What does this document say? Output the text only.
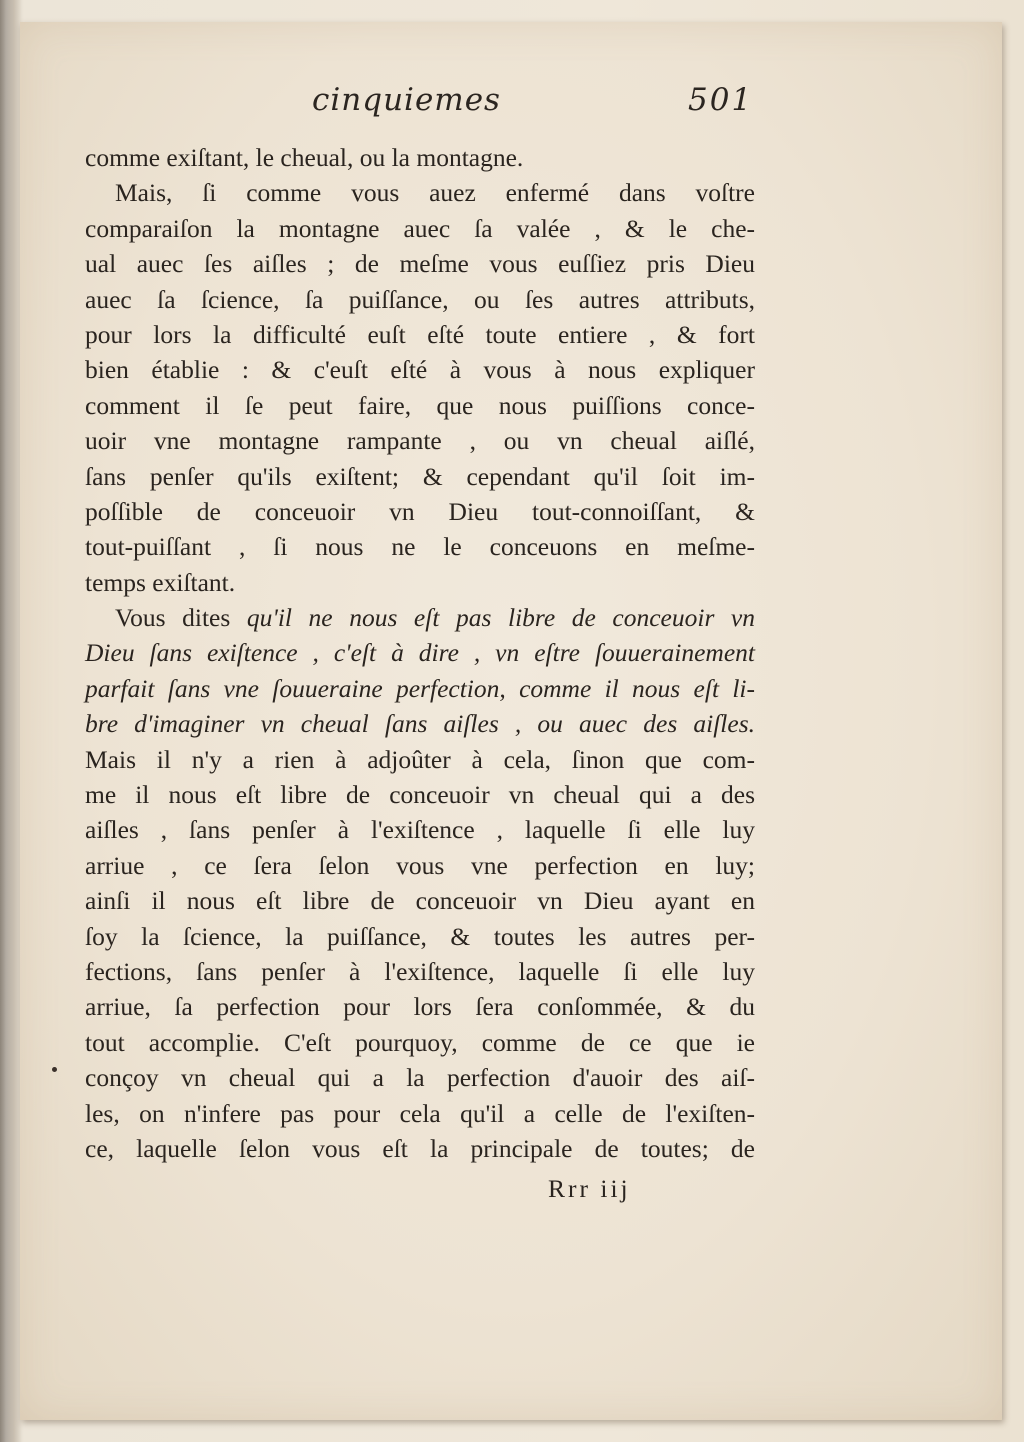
cinquiemes	501
comme exiſtant, le cheual, ou la montagne.
Mais, ſi comme vous auez enfermé dans voſtre
comparaiſon la montagne auec ſa valée , & le che-
ual auec ſes aiſles ; de meſme vous euſſiez pris Dieu
auec ſa ſcience, ſa puiſſance, ou ſes autres attributs,
pour lors la difficulté euſt eſté toute entiere , & fort
bien établie : & c'euſt eſté à vous à nous expliquer
comment il ſe peut faire, que nous puiſſions conce-
uoir vne montagne rampante , ou vn cheual aiſlé,
ſans penſer qu'ils exiſtent; & cependant qu'il ſoit im-
poſſible de conceuoir vn Dieu tout-connoiſſant, &
tout-puiſſant , ſi nous ne le conceuons en meſme-
temps exiſtant.
Vous dites qu'il ne nous eſt pas libre de conceuoir vn
Dieu ſans exiſtence , c'eſt à dire , vn eſtre ſouuerainement
parfait ſans vne ſouueraine perfection, comme il nous eſt li-
bre d'imaginer vn cheual ſans aiſles , ou auec des aiſles.
Mais il n'y a rien à adjoûter à cela, ſinon que com-
me il nous eſt libre de conceuoir vn cheual qui a des
aiſles , ſans penſer à l'exiſtence , laquelle ſi elle luy
arriue , ce ſera ſelon vous vne perfection en luy;
ainſi il nous eſt libre de conceuoir vn Dieu ayant en
ſoy la ſcience, la puiſſance, & toutes les autres per-
fections, ſans penſer à l'exiſtence, laquelle ſi elle luy
arriue, ſa perfection pour lors ſera conſommée, & du
tout accomplie. C'eſt pourquoy, comme de ce que ie
conçoy vn cheual qui a la perfection d'auoir des aiſ-
les, on n'infere pas pour cela qu'il a celle de l'exiſten-
ce, laquelle ſelon vous eſt la principale de toutes; de
Rrr iij
